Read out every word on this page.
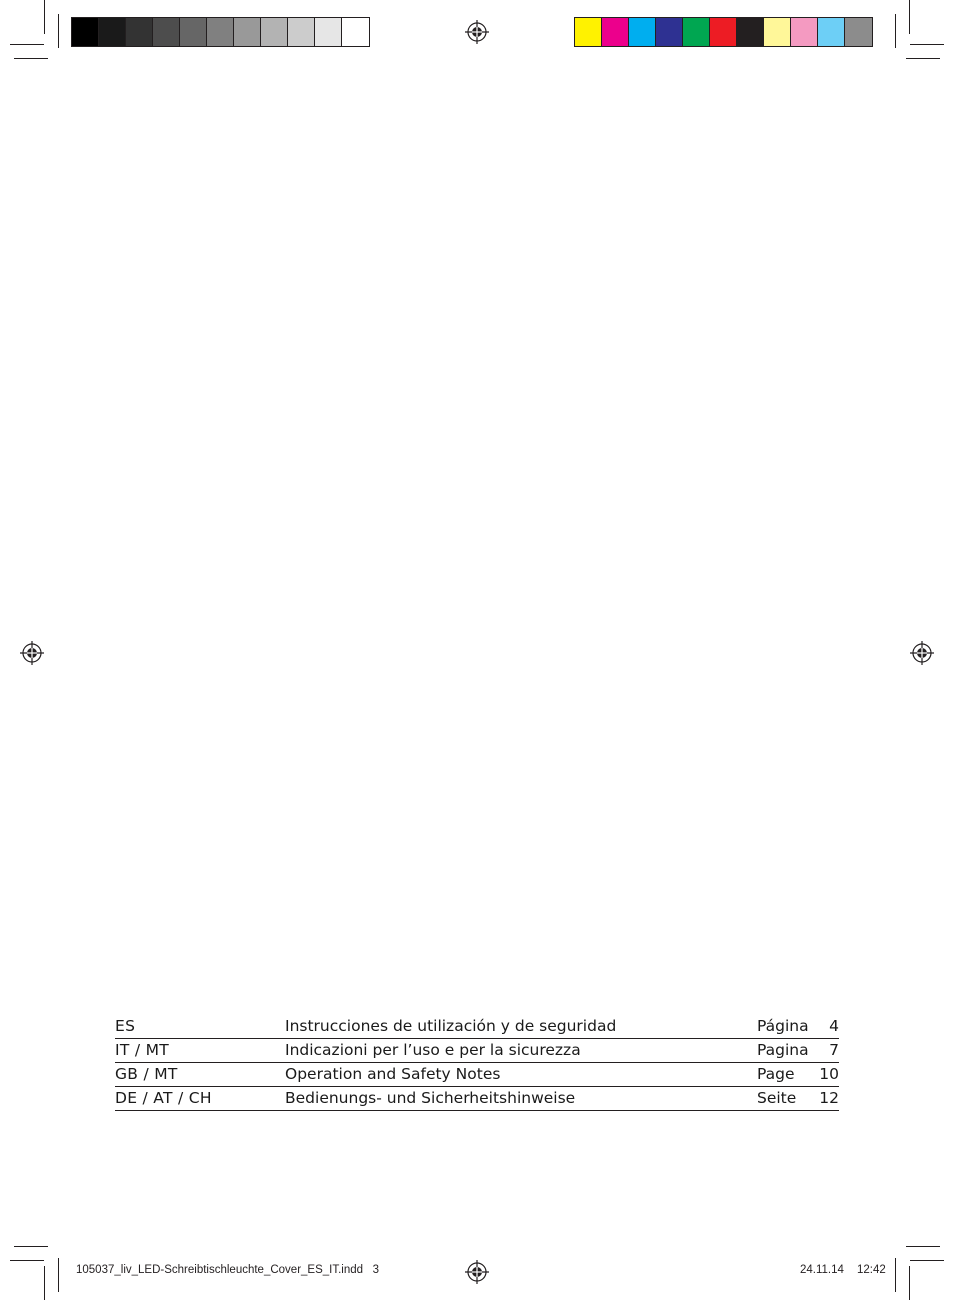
ES	Instrucciones de utilización y de seguridad	Página	4
IT / MT	Indicazioni per l’uso e per la sicurezza	Pagina	7
GB / MT	Operation and Safety Notes	Page	10
DE / AT / CH	Bedienungs- und Sicherheitshinweise	Seite	12
105037_liv_LED-Schreibtischleuchte_Cover_ES_IT.indd   3	24.11.14 12:42
